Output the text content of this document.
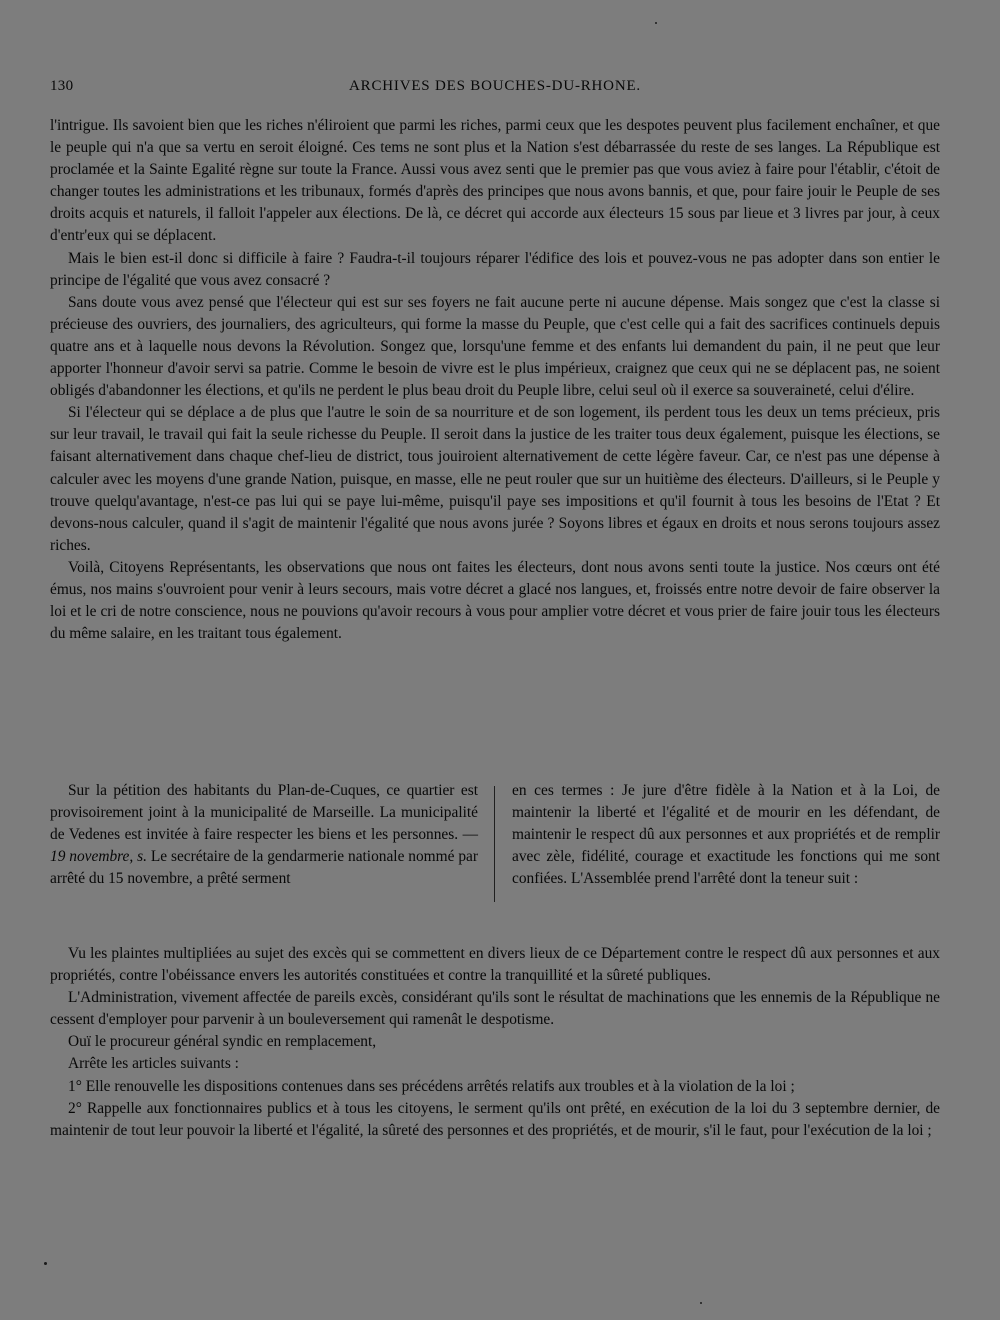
130	ARCHIVES DES BOUCHES-DU-RHONE.

l'intrigue. Ils savoient bien que les riches n'éliroient que parmi les riches, parmi ceux que les despotes peuvent plus facilement enchaîner, et que le peuple qui n'a que sa vertu en seroit éloigné. Ces tems ne sont plus et la Nation s'est débarrassée du reste de ses langes. La République est proclamée et la Sainte Egalité règne sur toute la France. Aussi vous avez senti que le premier pas que vous aviez à faire pour l'établir, c'étoit de changer toutes les administrations et les tribunaux, formés d'après des principes que nous avons bannis, et que, pour faire jouir le Peuple de ses droits acquis et naturels, il falloit l'appeler aux élections. De là, ce décret qui accorde aux électeurs 15 sous par lieue et 3 livres par jour, à ceux d'entr'eux qui se déplacent.

Mais le bien est-il donc si difficile à faire ? Faudra-t-il toujours réparer l'édifice des lois et pouvez-vous ne pas adopter dans son entier le principe de l'égalité que vous avez consacré ?

Sans doute vous avez pensé que l'électeur qui est sur ses foyers ne fait aucune perte ni aucune dépense. Mais songez que c'est la classe si précieuse des ouvriers, des journaliers, des agriculteurs, qui forme la masse du Peuple, que c'est celle qui a fait des sacrifices continuels depuis quatre ans et à laquelle nous devons la Révolution. Songez que, lorsqu'une femme et des enfants lui demandent du pain, il ne peut que leur apporter l'honneur d'avoir servi sa patrie. Comme le besoin de vivre est le plus impérieux, craignez que ceux qui ne se déplacent pas, ne soient obligés d'abandonner les élections, et qu'ils ne perdent le plus beau droit du Peuple libre, celui seul où il exerce sa souveraineté, celui d'élire.

Si l'électeur qui se déplace a de plus que l'autre le soin de sa nourriture et de son logement, ils perdent tous les deux un tems précieux, pris sur leur travail, le travail qui fait la seule richesse du Peuple. Il seroit dans la justice de les traiter tous deux également, puisque les élections, se faisant alternativement dans chaque chef-lieu de district, tous jouiroient alternativement de cette légère faveur. Car, ce n'est pas une dépense à calculer avec les moyens d'une grande Nation, puisque, en masse, elle ne peut rouler que sur un huitième des électeurs. D'ailleurs, si le Peuple y trouve quelqu'avantage, n'est-ce pas lui qui se paye lui-même, puisqu'il paye ses impositions et qu'il fournit à tous les besoins de l'Etat ? Et devons-nous calculer, quand il s'agit de maintenir l'égalité que nous avons jurée ? Soyons libres et égaux en droits et nous serons toujours assez riches.

Voilà, Citoyens Représentants, les observations que nous ont faites les électeurs, dont nous avons senti toute la justice. Nos cœurs ont été émus, nos mains s'ouvroient pour venir à leurs secours, mais votre décret a glacé nos langues, et, froissés entre notre devoir de faire observer la loi et le cri de notre conscience, nous ne pouvions qu'avoir recours à vous pour amplier votre décret et vous prier de faire jouir tous les électeurs du même salaire, en les traitant tous également.

Sur la pétition des habitants du Plan-de-Cuques, ce quartier est provisoirement joint à la municipalité de Marseille. La municipalité de Vedenes est invitée à faire respecter les biens et les personnes. — 19 novembre, s. Le secrétaire de la gendarmerie nationale nommé par arrêté du 15 novembre, a prêté serment

en ces termes : Je jure d'être fidèle à la Nation et à la Loi, de maintenir la liberté et l'égalité et de mourir en les défendant, de maintenir le respect dû aux personnes et aux propriétés et de remplir avec zèle, fidélité, courage et exactitude les fonctions qui me sont confiées. L'Assemblée prend l'arrêté dont la teneur suit :

Vu les plaintes multipliées au sujet des excès qui se commettent en divers lieux de ce Département contre le respect dû aux personnes et aux propriétés, contre l'obéissance envers les autorités constituées et contre la tranquillité et la sûreté publiques.

L'Administration, vivement affectée de pareils excès, considérant qu'ils sont le résultat de machinations que les ennemis de la République ne cessent d'employer pour parvenir à un bouleversement qui ramenât le despotisme.

Ouï le procureur général syndic en remplacement,

Arrête les articles suivants :

1° Elle renouvelle les dispositions contenues dans ses précédens arrêtés relatifs aux troubles et à la violation de la loi ;

2° Rappelle aux fonctionnaires publics et à tous les citoyens, le serment qu'ils ont prêté, en exécution de la loi du 3 septembre dernier, de maintenir de tout leur pouvoir la liberté et l'égalité, la sûreté des personnes et des propriétés, et de mourir, s'il le faut, pour l'exécution de la loi ;
